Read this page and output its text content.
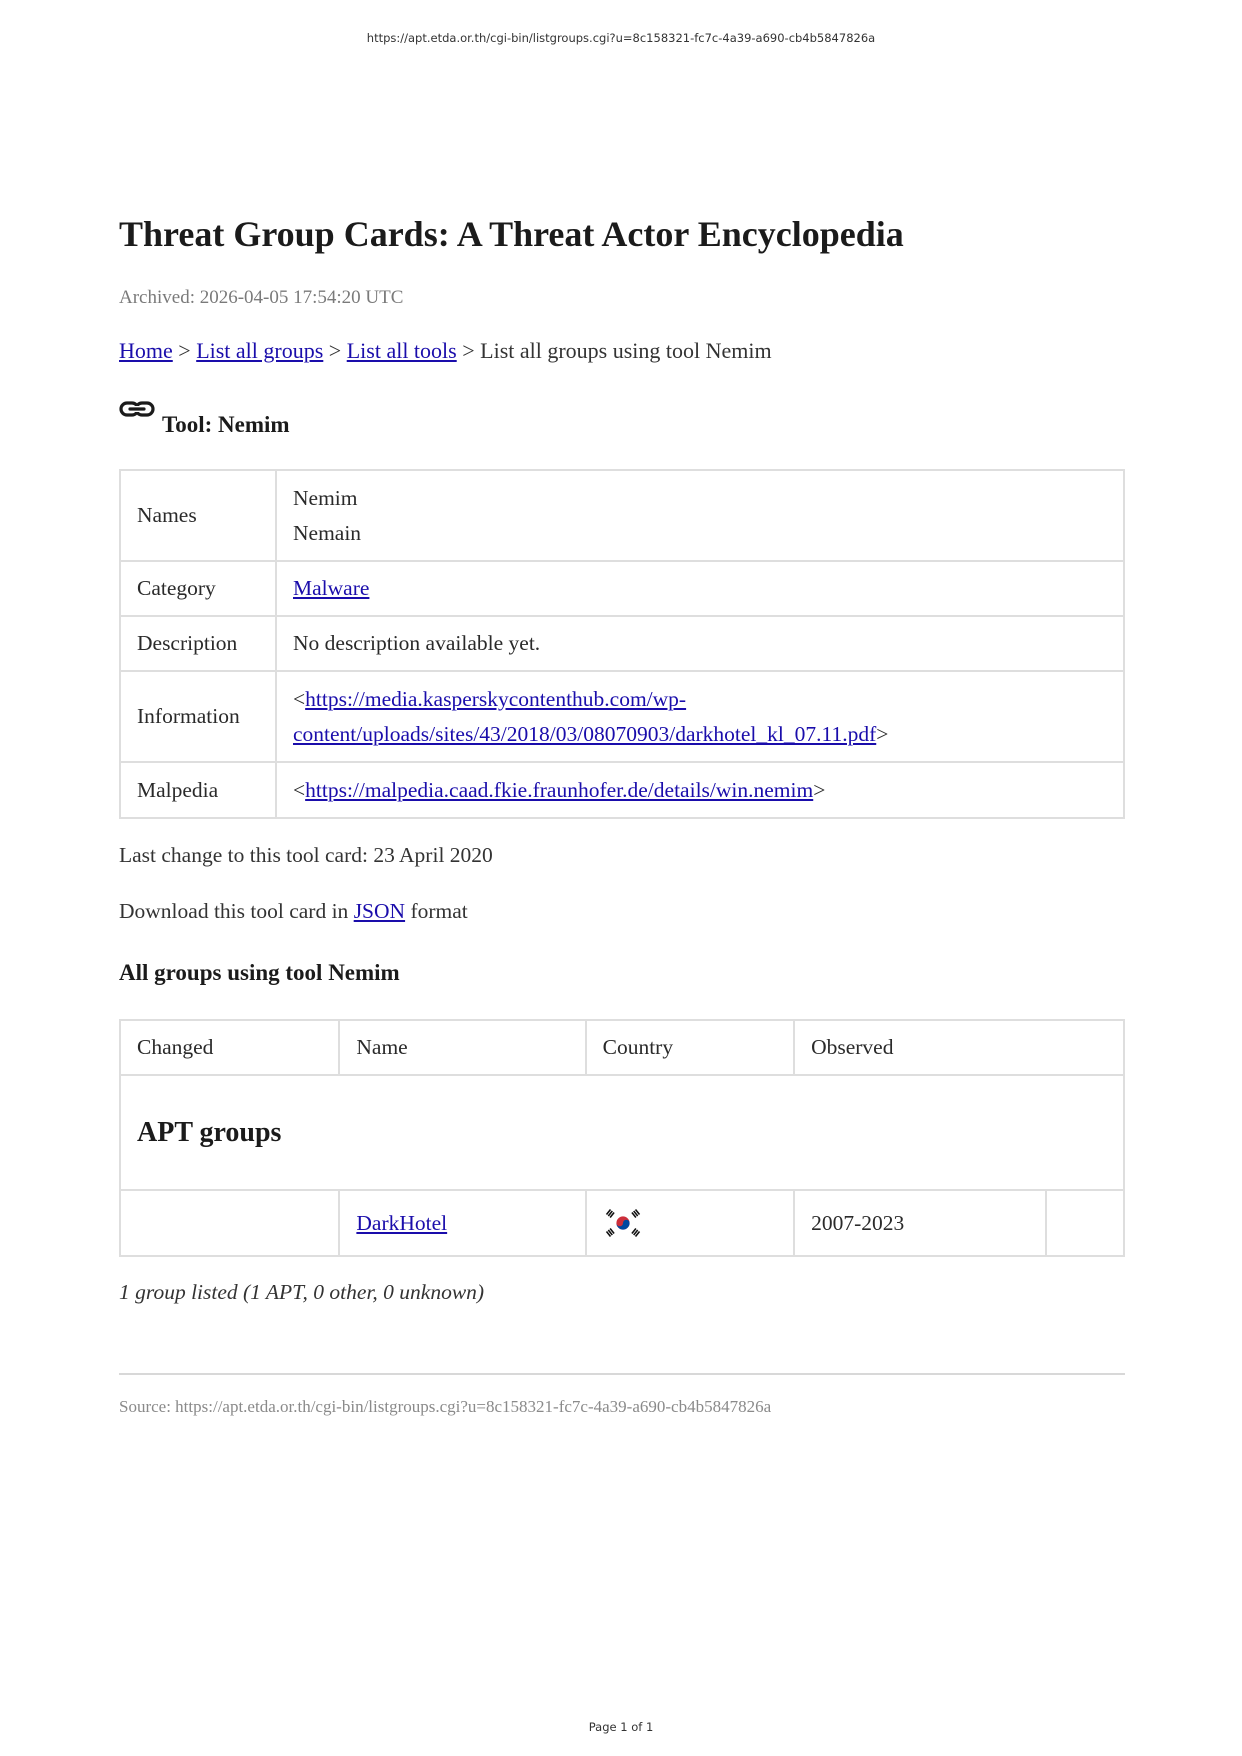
https://apt.etda.or.th/cgi-bin/listgroups.cgi?u=8c158321-fc7c-4a39-a690-cb4b5847826a
Threat Group Cards: A Threat Actor Encyclopedia
Archived: 2026-04-05 17:54:20 UTC
Home > List all groups > List all tools > List all groups using tool Nemim
Tool: Nemim
Names	Nemim
Nemain

Category	Malware
Description	No description available yet.
Information	<https://media.kasperskycontenthub.com/wp-
content/uploads/sites/43/2018/03/08070903/darkhotel_kl_07.11.pdf>
Malpedia	<https://malpedia.caad.fkie.fraunhofer.de/details/win.nemim>
Last change to this tool card: 23 April 2020
Download this tool card in JSON format
All groups using tool Nemim
Changed	Name	Country	Observed	
APT groups				
	DarkHotel		2007-2023	
1 group listed (1 APT, 0 other, 0 unknown)
Source: https://apt.etda.or.th/cgi-bin/listgroups.cgi?u=8c158321-fc7c-4a39-a690-cb4b5847826a
Page 1 of 1
